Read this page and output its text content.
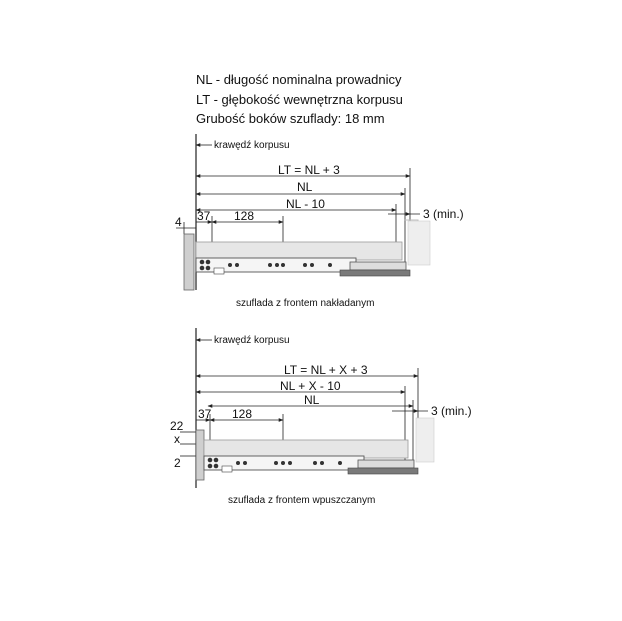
NL - długość nominalna prowadnicy
LT - głębokość wewnętrzna korpusu
Grubość boków szuflady: 18 mm
krawędź korpusu
LT = NL + 3
NL
NL - 10
3 (min.)
4 37 128
szuflada z frontem nakładanym
krawędź korpusu
LT = NL + X + 3
NL + X - 10
NL
3 (min.)
22
x
2
37 128
szuflada z frontem wpuszczanym
